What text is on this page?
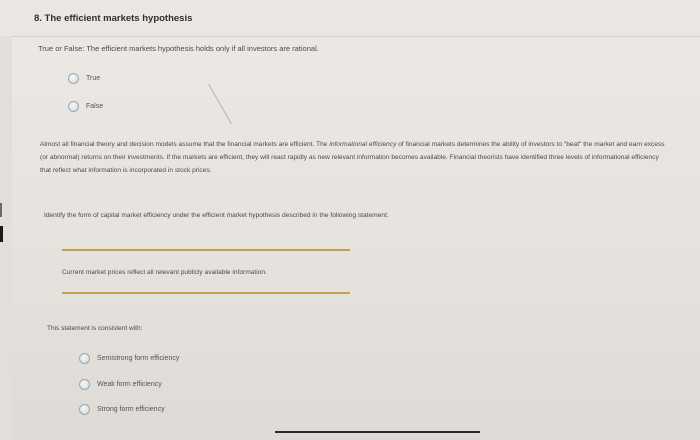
8. The efficient markets hypothesis
True or False: The efficient markets hypothesis holds only if all investors are rational.
True
False
Almost all financial theory and decision models assume that the financial markets are efficient. The informational efficiency of financial markets determines the ability of investors to "beat" the market and earn excess (or abnormal) returns on their investments. If the markets are efficient, they will react rapidly as new relevant information becomes available. Financial theorists have identified three levels of informational efficiency that reflect what information is incorporated in stock prices.
Identify the form of capital market efficiency under the efficient market hypothesis described in the following statement:
Current market prices reflect all relevant publicly available information.
This statement is consistent with:
Semistrong form efficiency
Weak form efficiency
Strong form efficiency
